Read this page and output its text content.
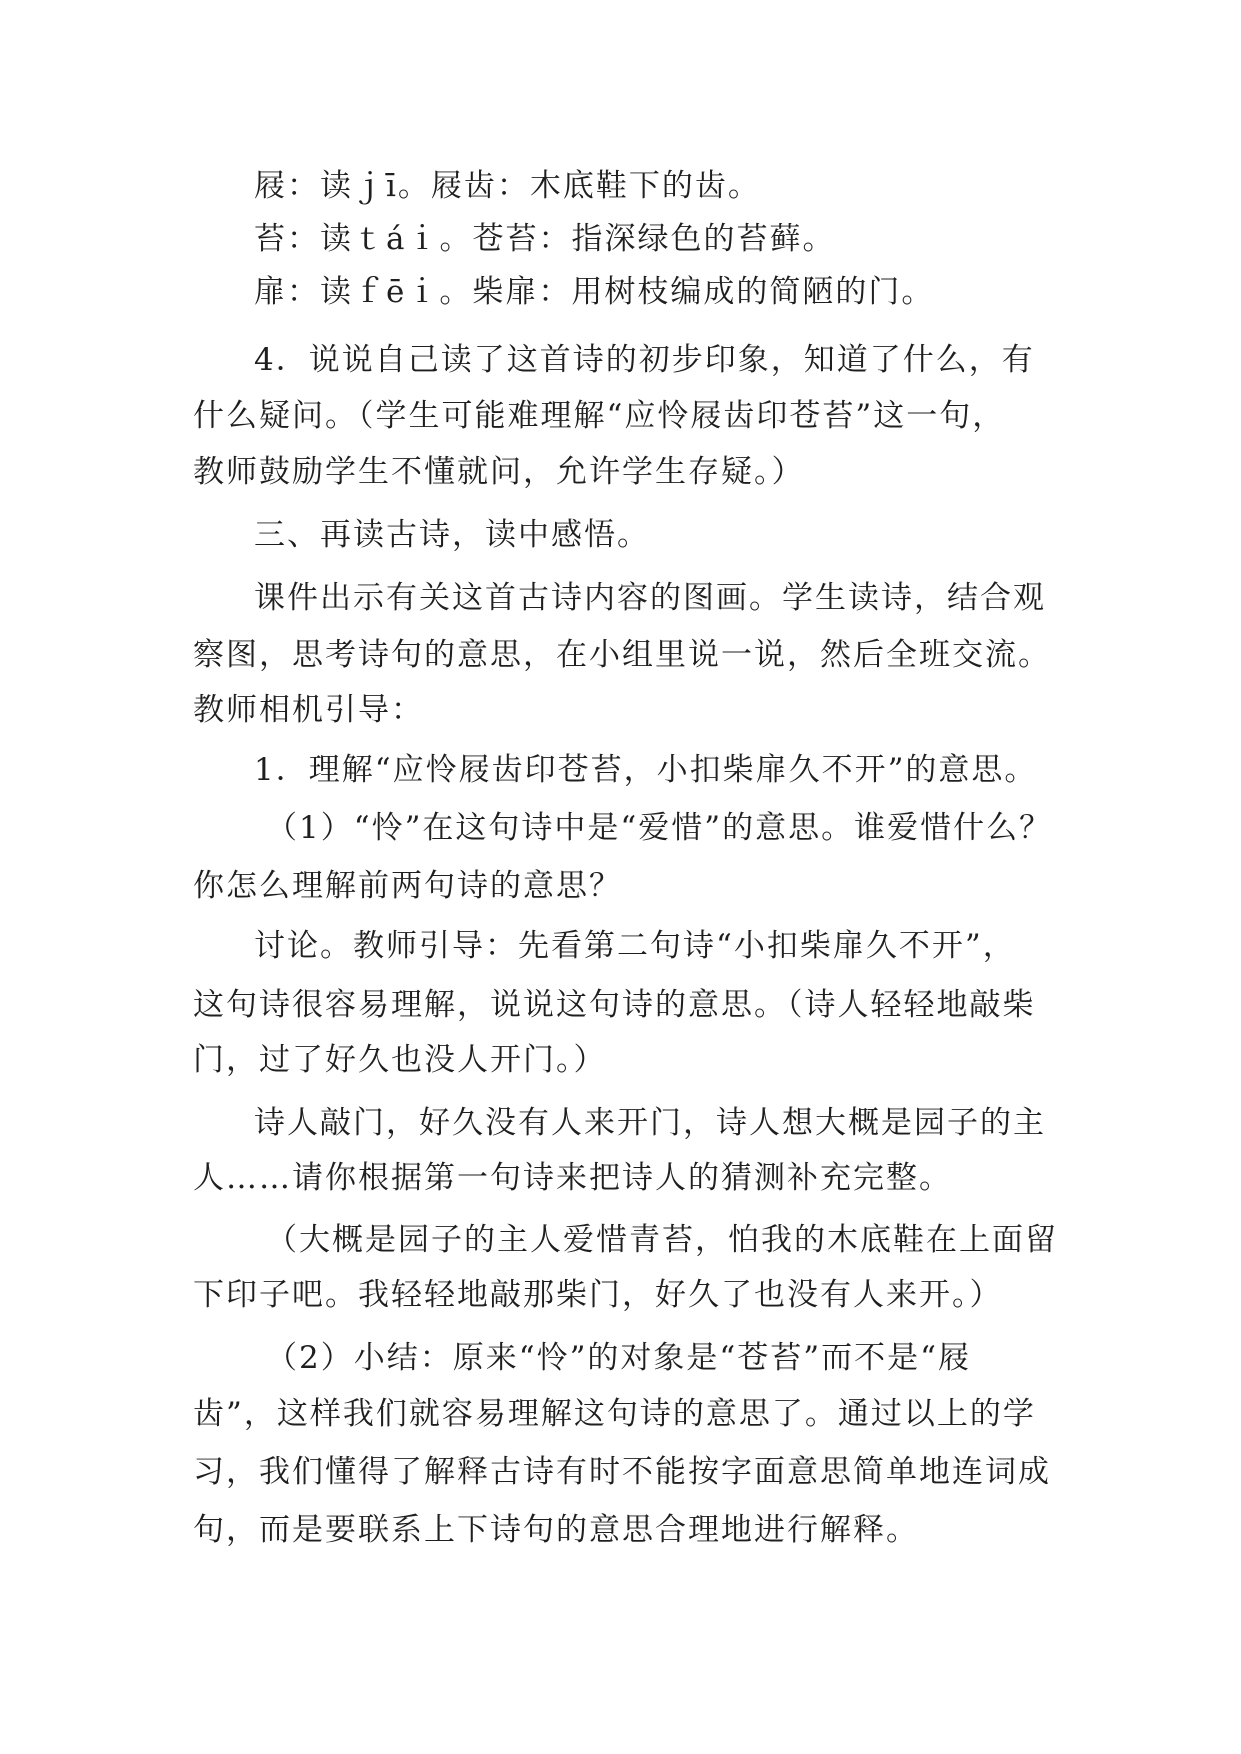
屐：读ｊī。屐齿：木底鞋下的齿。
苔：读ｔáｉ。苍苔：指深绿色的苔藓。
扉：读ｆēｉ。柴扉：用树枝编成的简陋的门。
4．说说自己读了这首诗的初步印象，知道了什么，有
什么疑问。（学生可能难理解“应怜屐齿印苍苔”这一句，
教师鼓励学生不懂就问，允许学生存疑。）
三、再读古诗，读中感悟。
课件出示有关这首古诗内容的图画。学生读诗，结合观
察图，思考诗句的意思，在小组里说一说，然后全班交流。
教师相机引导：
1．理解“应怜屐齿印苍苔，小扣柴扉久不开”的意思。
（1）“怜”在这句诗中是“爱惜”的意思。谁爱惜什么？
你怎么理解前两句诗的意思？
讨论。教师引导：先看第二句诗“小扣柴扉久不开”，
这句诗很容易理解，说说这句诗的意思。（诗人轻轻地敲柴
门，过了好久也没人开门。）
诗人敲门，好久没有人来开门，诗人想大概是园子的主
人……请你根据第一句诗来把诗人的猜测补充完整。
（大概是园子的主人爱惜青苔，怕我的木底鞋在上面留
下印子吧。我轻轻地敲那柴门，好久了也没有人来开。）
（2）小结：原来“怜”的对象是“苍苔”而不是“屐
齿”，这样我们就容易理解这句诗的意思了。通过以上的学
习，我们懂得了解释古诗有时不能按字面意思简单地连词成
句，而是要联系上下诗句的意思合理地进行解释。
